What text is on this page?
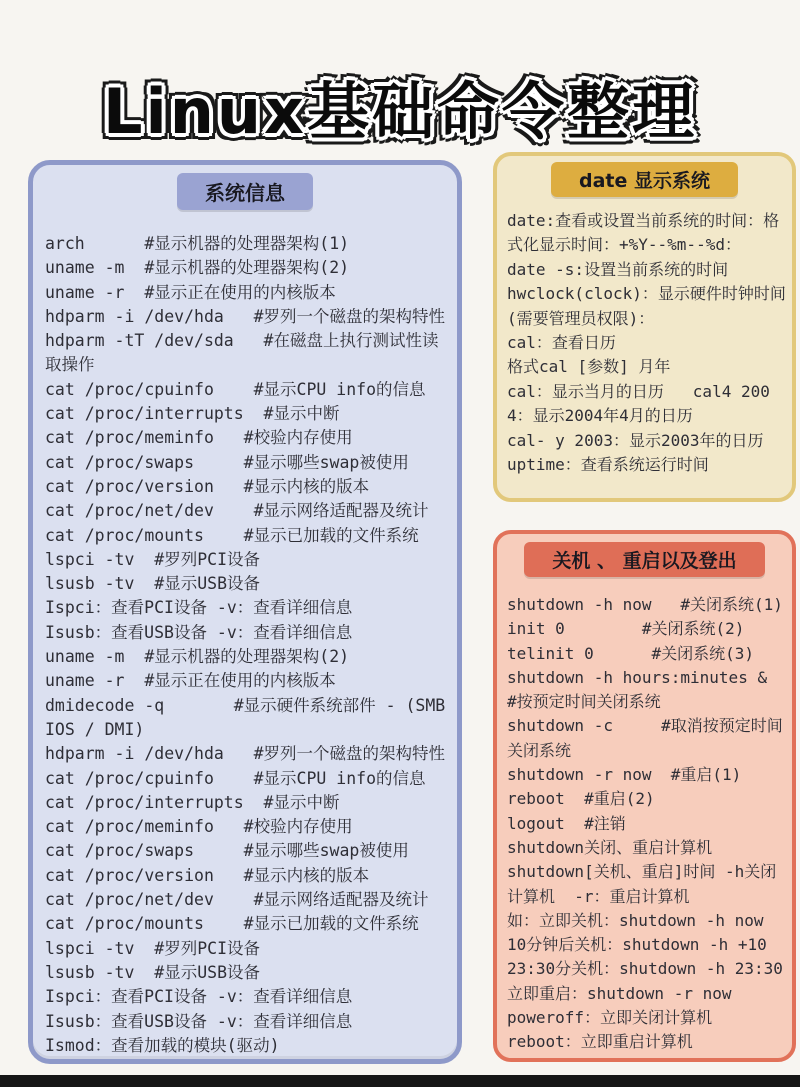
Linux基础命令整理
系统信息
arch      #显示机器的处理器架构(1)
uname -m  #显示机器的处理器架构(2)
uname -r  #显示正在使用的内核版本
hdparm -i /dev/hda   #罗列一个磁盘的架构特性
hdparm -tT /dev/sda   #在磁盘上执行测试性读取操作
cat /proc/cpuinfo    #显示CPU info的信息
cat /proc/interrupts  #显示中断
cat /proc/meminfo   #校验内存使用
cat /proc/swaps     #显示哪些swap被使用
cat /proc/version   #显示内核的版本
cat /proc/net/dev    #显示网络适配器及统计
cat /proc/mounts    #显示已加载的文件系统
lspci -tv  #罗列PCI设备
lsusb -tv  #显示USB设备
Ispci：查看PCI设备 -v：查看详细信息
Isusb：查看USB设备 -v：查看详细信息
uname -m  #显示机器的处理器架构(2)
uname -r  #显示正在使用的内核版本
dmidecode -q       #显示硬件系统部件 - (SMBIOS / DMI)
hdparm -i /dev/hda   #罗列一个磁盘的架构特性
cat /proc/cpuinfo    #显示CPU info的信息
cat /proc/interrupts  #显示中断
cat /proc/meminfo   #校验内存使用
cat /proc/swaps     #显示哪些swap被使用
cat /proc/version   #显示内核的版本
cat /proc/net/dev    #显示网络适配器及统计
cat /proc/mounts    #显示已加载的文件系统
lspci -tv  #罗列PCI设备
lsusb -tv  #显示USB设备
Ispci：查看PCI设备 -v：查看详细信息
Isusb：查看USB设备 -v：查看详细信息
Ismod：查看加载的模块(驱动)
date 显示系统
date:查看或设置当前系统的时间：格式化显示时间：+%Y--%m--%d：
date -s:设置当前系统的时间
hwclock(clock)：显示硬件时钟时间(需要管理员权限)：
cal：查看日历
格式cal [参数] 月年
cal：显示当月的日历   cal4 2004：显示2004年4月的日历
cal- y 2003：显示2003年的日历
uptime：查看系统运行时间
关机 、 重启以及登出
shutdown -h now   #关闭系统(1)
init 0        #关闭系统(2)
telinit 0      #关闭系统(3)
shutdown -h hours:minutes & #按预定时间关闭系统
shutdown -c     #取消按预定时间关闭系统
shutdown -r now  #重启(1)
reboot  #重启(2)
logout  #注销
shutdown关闭、重启计算机
shutdown[关机、重启]时间 -h关闭计算机  -r：重启计算机
如：立即关机：shutdown -h now
10分钟后关机：shutdown -h +10
23:30分关机：shutdown -h 23:30
立即重启：shutdown -r now
poweroff：立即关闭计算机
reboot：立即重启计算机
